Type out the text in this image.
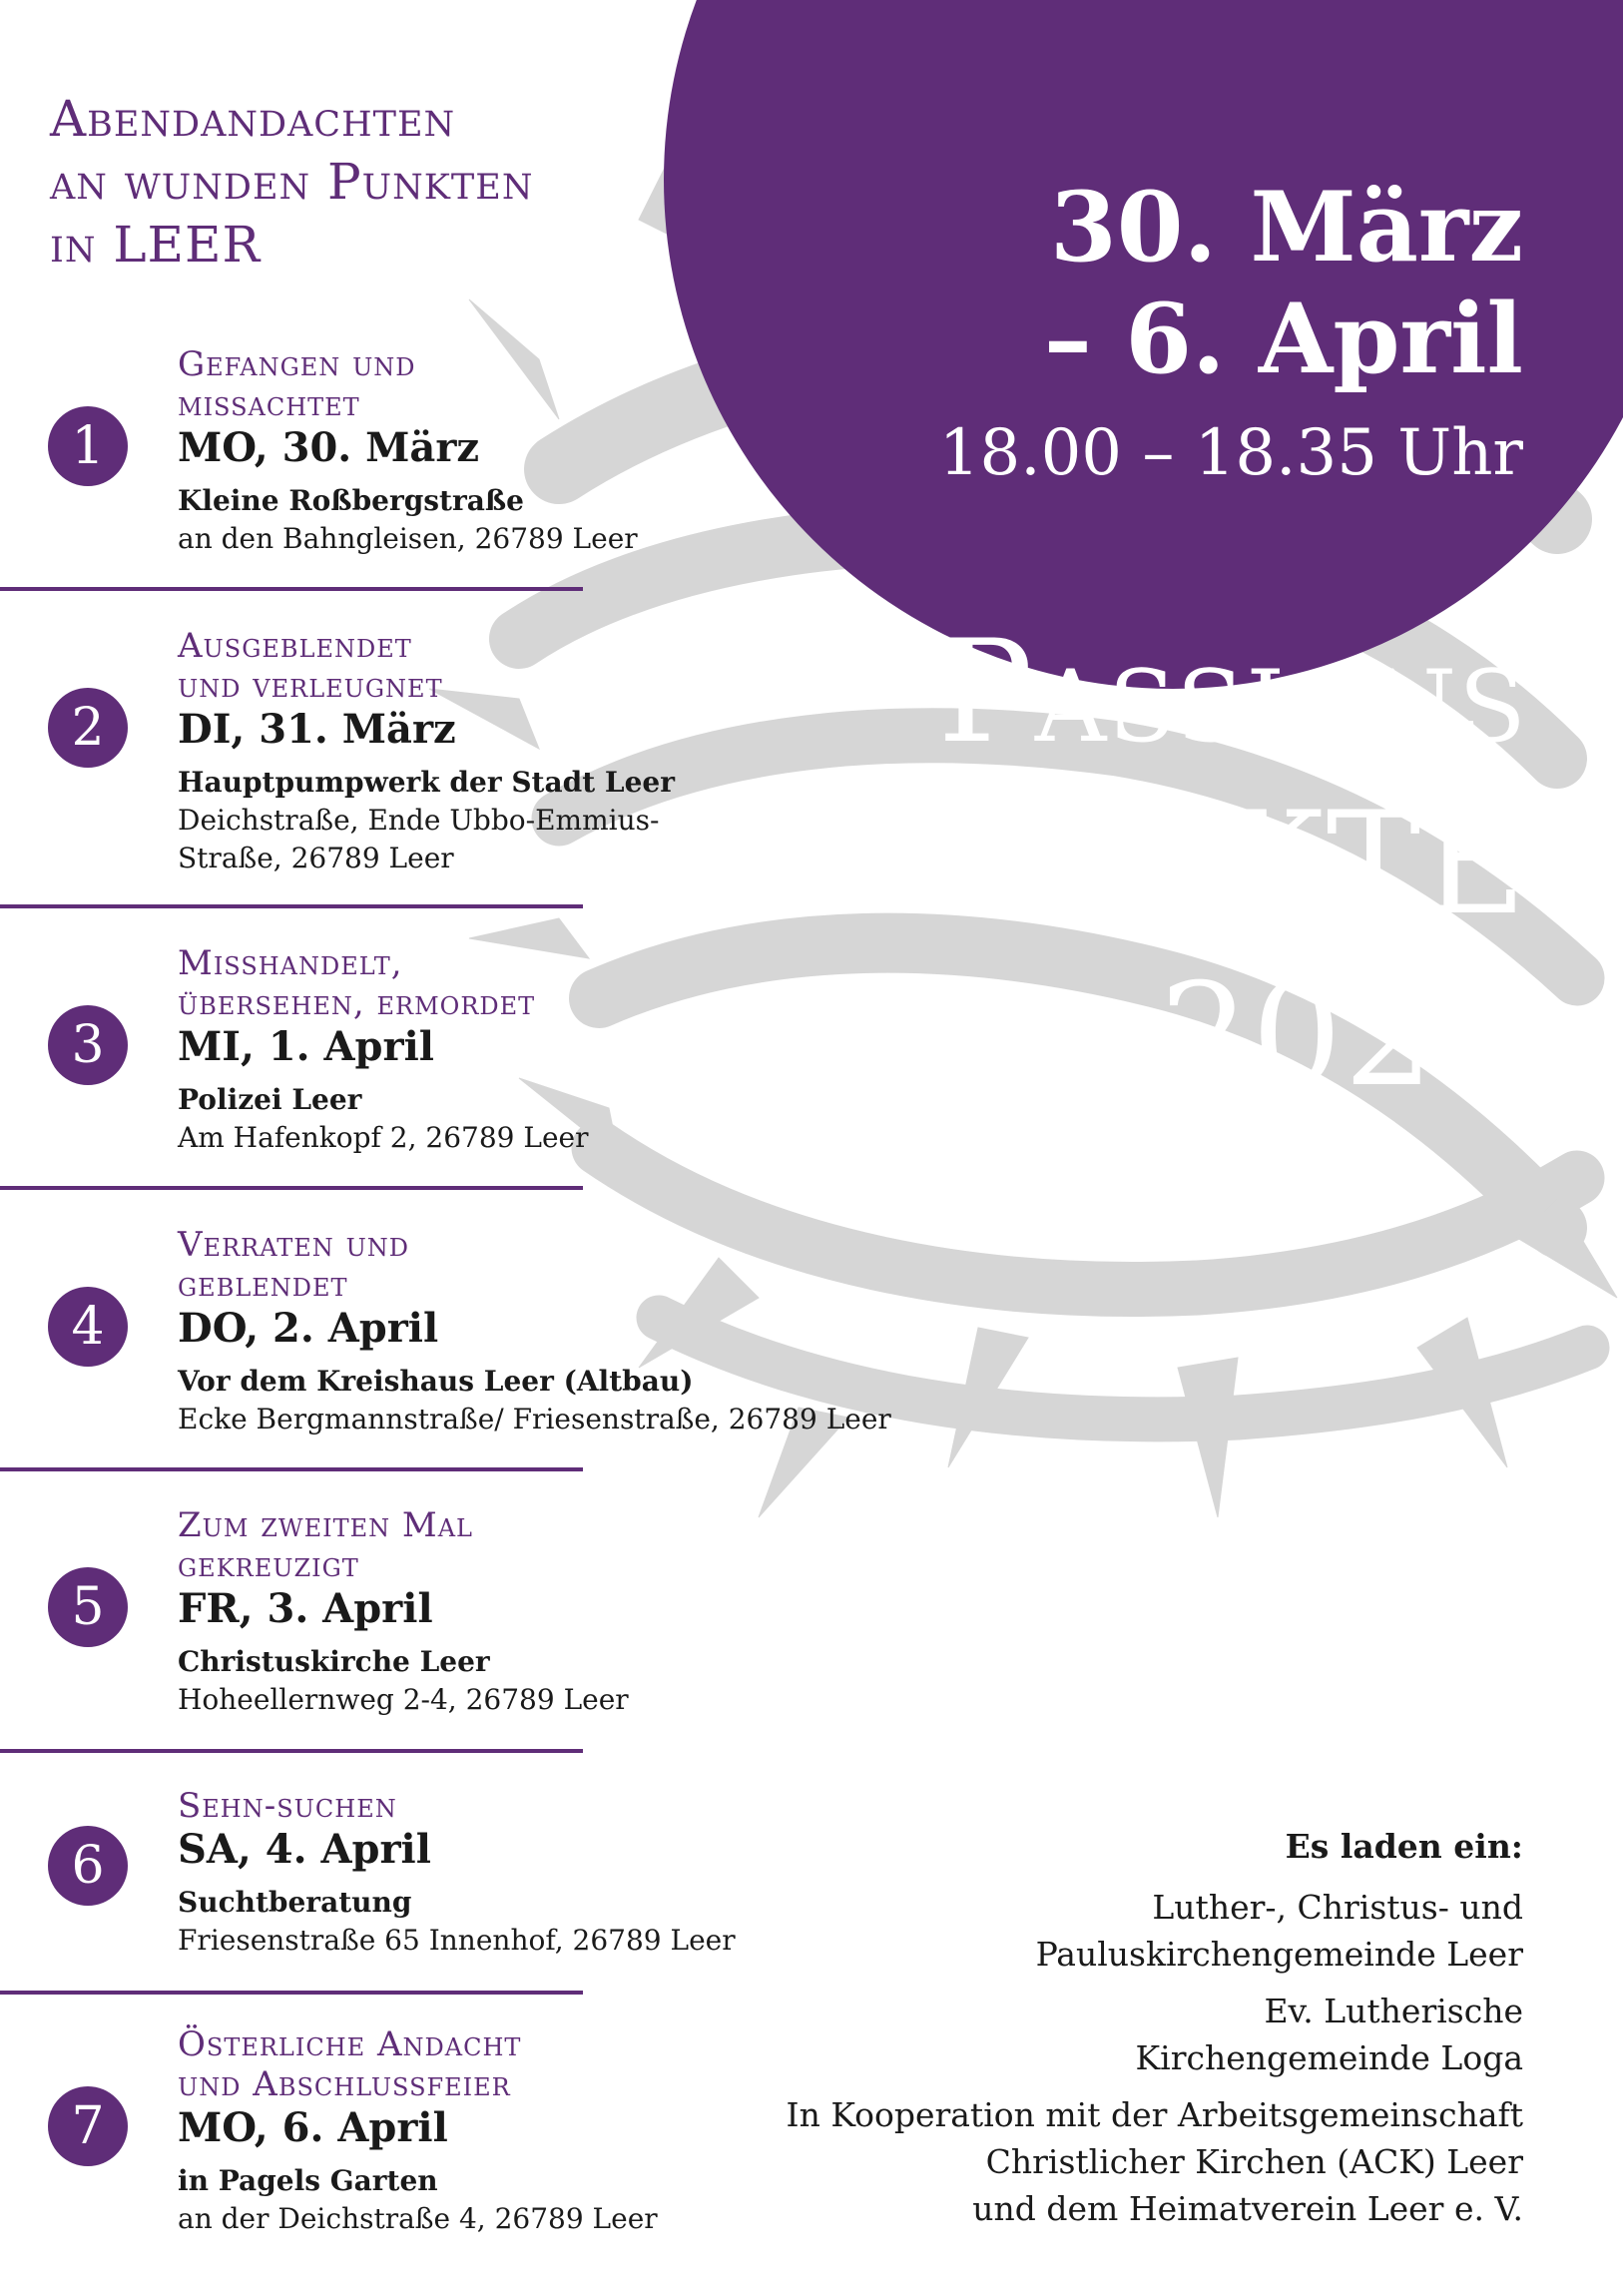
Abendandachten
an wunden Punkten
in LEER
Gefangen und
missachtet
1	MO, 30. März
Kleine Roßbergstraße
an den Bahngleisen, 26789 Leer
Ausgeblendet
und verleugnet
2	DI, 31. März
Hauptpumpwerk der Stadt Leer
Deichstraße, Ende Ubbo-Emmius-
Straße, 26789 Leer
Misshandelt,
übersehen, ermordet
3	MI, 1. April
Polizei Leer
Am Hafenkopf 2, 26789 Leer
Verraten und
geblendet
4	DO, 2. April
Vor dem Kreishaus Leer (Altbau)
Ecke Bergmannstraße/ Friesenstraße, 26789 Leer
Zum zweiten Mal
gekreuzigt
5	FR, 3. April
Christuskirche Leer
Hoheellernweg 2-4, 26789 Leer
Sehn-suchen
6	SA, 4. April
Suchtberatung
Friesenstraße 65 Innenhof, 26789 Leer
Österliche Andacht
und Abschlussfeier
7	MO, 6. April
in Pagels Garten
an der Deichstraße 4, 26789 Leer
30. März
– 6. April
18.00 – 18.35 Uhr
Passions
PUNKTE
2026
Es laden ein:
Luther-, Christus- und
Pauluskirchengemeinde Leer
Ev. Lutherische
Kirchengemeinde Loga
In Kooperation mit der Arbeitsgemeinschaft
Christlicher Kirchen (ACK) Leer
und dem Heimatverein Leer e. V.
